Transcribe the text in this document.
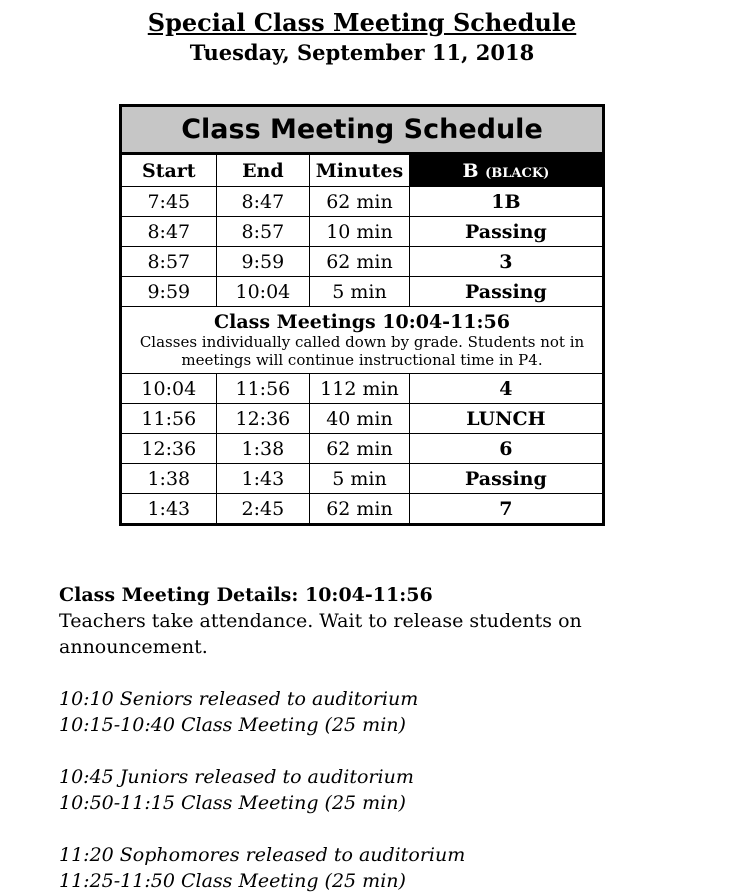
Special Class Meeting Schedule
Tuesday, September 11, 2018
Class Meeting Schedule			
Start	End	Minutes	B (BLACK)
7:45	8:47	62 min	1B
8:47	8:57	10 min	Passing
8:57	9:59	62 min	3
9:59	10:04	5 min	Passing

Class Meetings 10:04-11:56
Classes individually called down by grade. Students not in
meetings will continue instructional time in P4.			

10:04	11:56	112 min	4
11:56	12:36	40 min	LUNCH
12:36	1:38	62 min	6
1:38	1:43	5 min	Passing
1:43	2:45	62 min	7
Class Meeting Details: 10:04-11:56
Teachers take attendance. Wait to release students on announcement.
10:10 Seniors released to auditorium
10:15-10:40 Class Meeting (25 min)
10:45 Juniors released to auditorium
10:50-11:15 Class Meeting (25 min)
11:20 Sophomores released to auditorium
11:25-11:50 Class Meeting (25 min)
